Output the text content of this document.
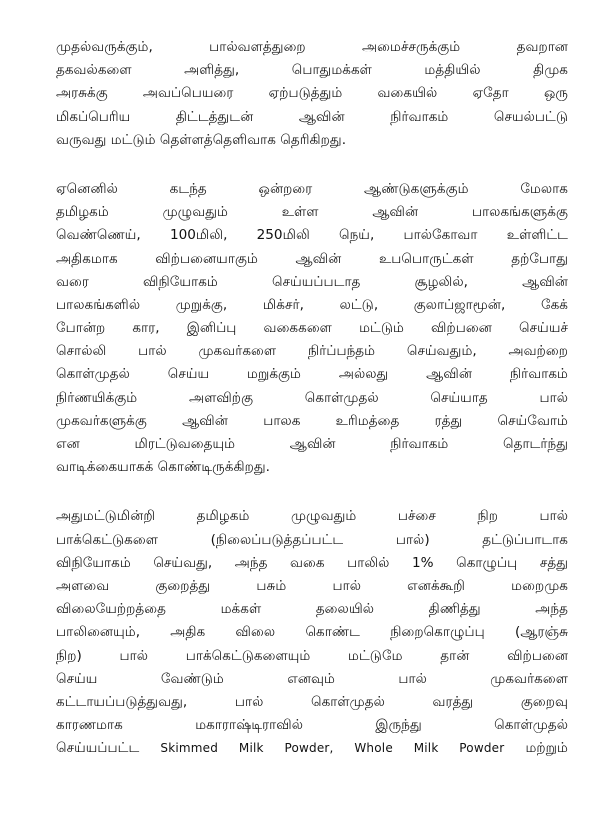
முதல்வருக்கும், பால்வளத்துறை அமைச்சருக்கும் தவறான
தகவல்களை அளித்து, பொதுமக்கள் மத்தியில் திமுக
அரசுக்கு அவப்பெயரை ஏற்படுத்தும் வகையில் ஏதோ ஒரு
மிகப்பெரிய திட்டத்துடன் ஆவின் நிர்வாகம் செயல்பட்டு
வருவது மட்டும் தெள்ளத்தெளிவாக தெரிகிறது.
ஏனெனில் கடந்த ஒன்றரை ஆண்டுகளுக்கும் மேலாக
தமிழகம் முழுவதும் உள்ள ஆவின் பாலகங்களுக்கு
வெண்ணெய், 100மிலி, 250மிலி நெய், பால்கோவா உள்ளிட்ட
அதிகமாக விற்பனையாகும் ஆவின் உபபொருட்கள் தற்போது
வரை விநியோகம் செய்யப்படாத சூழலில், ஆவின்
பாலகங்களில் முறுக்கு, மிக்சர், லட்டு, குலாப்ஜாமூன், கேக்
போன்ற கார, இனிப்பு வகைகளை மட்டும் விற்பனை செய்யச்
சொல்லி பால் முகவர்களை நிர்ப்பந்தம் செய்வதும், அவற்றை
கொள்முதல் செய்ய மறுக்கும் அல்லது ஆவின் நிர்வாகம்
நிர்ணயிக்கும் அளவிற்கு கொள்முதல் செய்யாத பால்
முகவர்களுக்கு ஆவின் பாலக உரிமத்தை ரத்து செய்வோம்
என மிரட்டுவதையும் ஆவின் நிர்வாகம் தொடர்ந்து
வாடிக்கையாகக் கொண்டிருக்கிறது.
அதுமட்டுமின்றி தமிழகம் முழுவதும் பச்சை நிற பால்
பாக்கெட்டுகளை (நிலைப்படுத்தப்பட்ட பால்) தட்டுப்பாடாக
விநியோகம் செய்வது, அந்த வகை பாலில் 1% கொழுப்பு சத்து
அளவை குறைத்து பசும் பால் எனக்கூறி மறைமுக
விலையேற்றத்தை மக்கள் தலையில் திணித்து அந்த
பாலினையும், அதிக விலை கொண்ட நிறைகொழுப்பு (ஆரஞ்சு
நிற) பால் பாக்கெட்டுகளையும் மட்டுமே தான் விற்பனை
செய்ய வேண்டும் எனவும் பால் முகவர்களை
கட்டாயப்படுத்துவது, பால் கொள்முதல் வரத்து குறைவு
காரணமாக மகாராஷ்டிராவில் இருந்து கொள்முதல்
செய்யப்பட்ட Skimmed Milk Powder, Whole Milk Powder மற்றும்
